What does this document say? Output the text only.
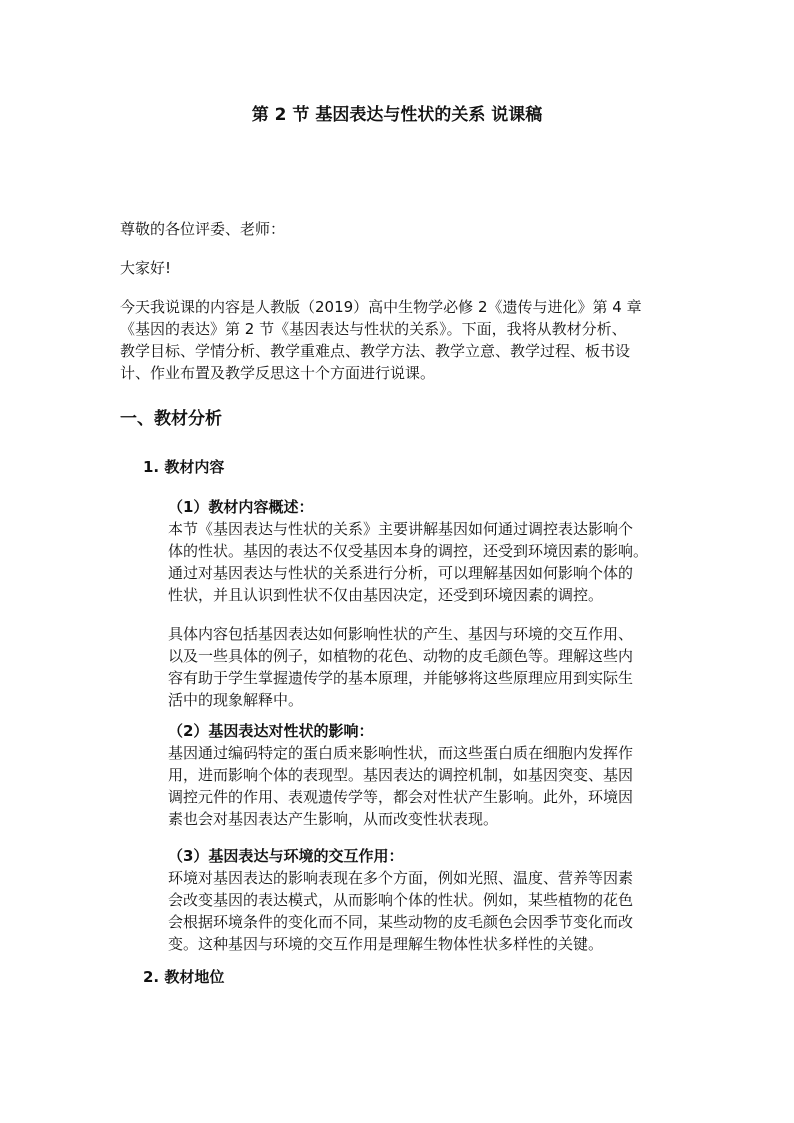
第 2 节 基因表达与性状的关系 说课稿
尊敬的各位评委、老师：
大家好!
今天我说课的内容是人教版（2019）高中生物学必修 2《遗传与进化》第 4 章
《基因的表达》第 2 节《基因表达与性状的关系》。下面，我将从教材分析、
教学目标、学情分析、教学重难点、教学方法、教学立意、教学过程、板书设
计、作业布置及教学反思这十个方面进行说课。
一、教材分析
1. 教材内容
（1）教材内容概述：
本节《基因表达与性状的关系》主要讲解基因如何通过调控表达影响个
体的性状。基因的表达不仅受基因本身的调控，还受到环境因素的影响。
通过对基因表达与性状的关系进行分析，可以理解基因如何影响个体的
性状，并且认识到性状不仅由基因决定，还受到环境因素的调控。
具体内容包括基因表达如何影响性状的产生、基因与环境的交互作用、
以及一些具体的例子，如植物的花色、动物的皮毛颜色等。理解这些内
容有助于学生掌握遗传学的基本原理，并能够将这些原理应用到实际生
活中的现象解释中。
（2）基因表达对性状的影响：
基因通过编码特定的蛋白质来影响性状，而这些蛋白质在细胞内发挥作
用，进而影响个体的表现型。基因表达的调控机制，如基因突变、基因
调控元件的作用、表观遗传学等，都会对性状产生影响。此外，环境因
素也会对基因表达产生影响，从而改变性状表现。
（3）基因表达与环境的交互作用：
环境对基因表达的影响表现在多个方面，例如光照、温度、营养等因素
会改变基因的表达模式，从而影响个体的性状。例如，某些植物的花色
会根据环境条件的变化而不同，某些动物的皮毛颜色会因季节变化而改
变。这种基因与环境的交互作用是理解生物体性状多样性的关键。
2. 教材地位
